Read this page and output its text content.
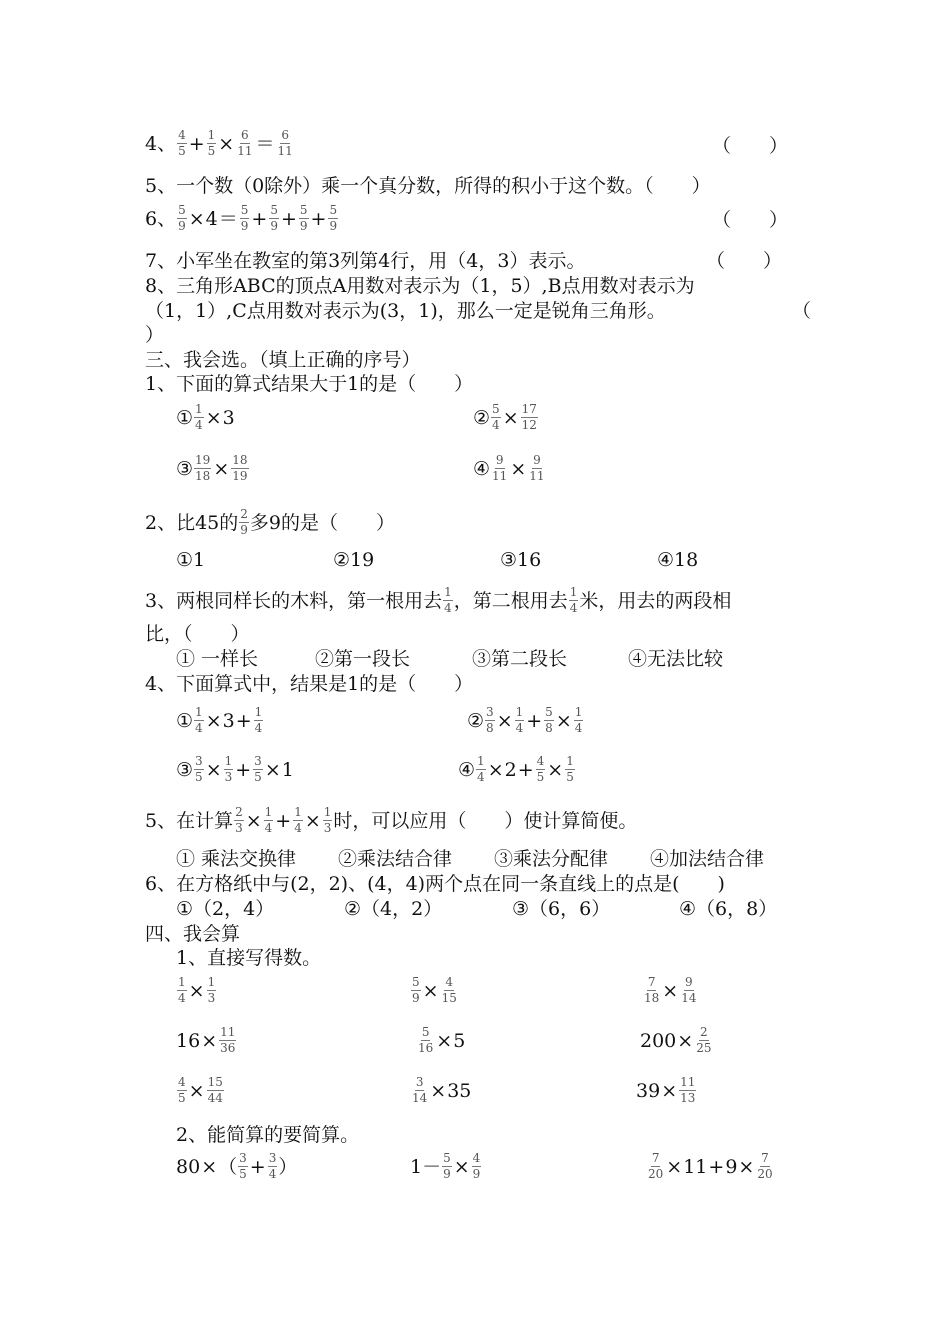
4、 $\frac{4}{5} + \frac{1}{5} \times \frac{6}{11} = \frac{6}{11}$	（　　）
5、一个数（0除外）乘一个真分数，所得的积小于这个数。（　　）
6、 $\frac{5}{9} \times 4 = \frac{5}{9} + \frac{5}{9} + \frac{5}{9} + \frac{5}{9}$	（　　）
7、小军坐在教室的第3列第4行，用（4，3）表示。	（　　）
8、三角形ABC的顶点A用数对表示为（1，5）,B点用数对表示为
（1，1）,C点用数对表示为(3，1)，那么一定是锐角三角形。	（
）
三、我会选。（填上正确的序号）
1、下面的算式结果大于1的是（　　）
① $\frac{1}{4} \times 3$	② $\frac{5}{4} \times \frac{17}{12}$
③ $\frac{19}{18} \times \frac{18}{19}$	④ $\frac{9}{11} \times \frac{9}{11}$
2、比45的 $\frac{2}{9}$ 多9的是（　　）
①1	②19	③16	④18
3、两根同样长的木料，第一根用去 $\frac{1}{4}$ ，第二根用去 $\frac{1}{4}$ 米，用去的两段相
比，（　　）
① 一样长	②第一段长	③第二段长	④无法比较
4、下面算式中，结果是1的是（　　）
① $\frac{1}{4} \times 3 + \frac{1}{4}$	② $\frac{3}{8} \times \frac{1}{4} + \frac{5}{8} \times \frac{1}{4}$
③ $\frac{3}{5} \times \frac{1}{3} + \frac{3}{5} \times 1$	④ $\frac{1}{4} \times 2 + \frac{4}{5} \times \frac{1}{5}$
5、在计算 $\frac{2}{3} \times \frac{1}{4} + \frac{1}{4} \times \frac{1}{3}$ 时，可以应用（　　）使计算简便。
① 乘法交换律 ②乘法结合律 ③乘法分配律 ④加法结合律
6、在方格纸中与(2，2)、(4，4)两个点在同一条直线上的点是(　　)
①（2，4）	②（4，2）	③（6，6）	④（6，8）
四、我会算
1、直接写得数。
$\frac{1}{4} \times \frac{1}{3}$	$\frac{5}{9} \times \frac{4}{15}$	$\frac{7}{18} \times \frac{9}{14}$
$16 \times \frac{11}{36}$	$\frac{5}{16} \times 5$	$200 \times \frac{2}{25}$
$\frac{4}{5} \times \frac{15}{44}$	$\frac{3}{14} \times 35$	$39 \times \frac{11}{13}$
2、能简算的要简算。
80 × （ $\frac{3}{5} + \frac{3}{4}$ ）	$1- \frac{5}{9} \times \frac{4}{9}$	$\frac{7}{20} \times 11 + 9 \times \frac{7}{20}$
